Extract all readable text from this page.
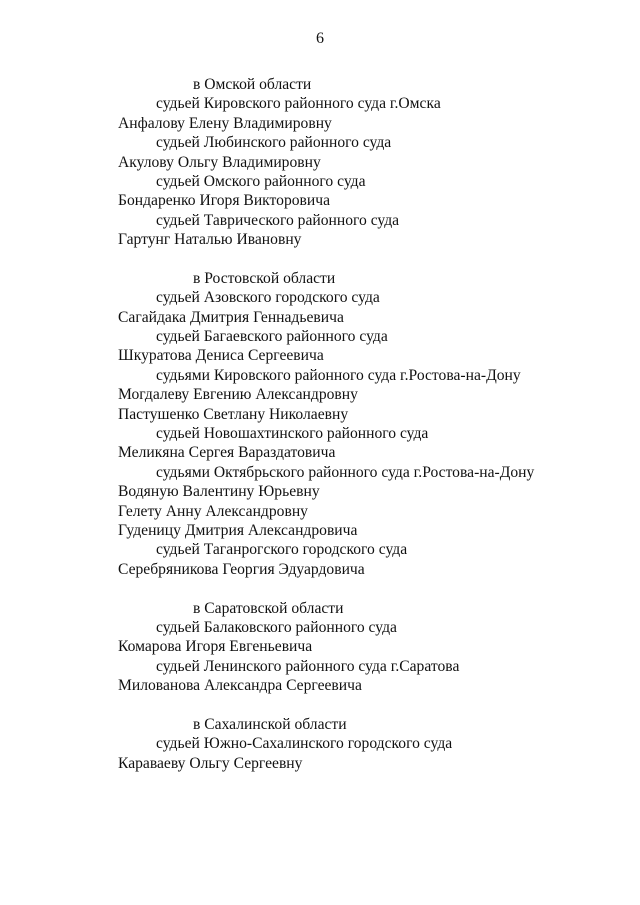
6
в Омской области
судьей Кировского районного суда г.Омска
Анфалову Елену Владимировну
судьей Любинского районного суда
Акулову Ольгу Владимировну
судьей Омского районного суда
Бондаренко Игоря Викторовича
судьей Таврического районного суда
Гартунг Наталью Ивановну
в Ростовской области
судьей Азовского городского суда
Сагайдака Дмитрия Геннадьевича
судьей Багаевского районного суда
Шкуратова Дениса Сергеевича
судьями Кировского районного суда г.Ростова-на-Дону
Могдалеву Евгению Александровну
Пастушенко Светлану Николаевну
судьей Новошахтинского районного суда
Меликяна Сергея Вараздатовича
судьями Октябрьского районного суда г.Ростова-на-Дону
Водяную Валентину Юрьевну
Гелету Анну Александровну
Гуденицу Дмитрия Александровича
судьей Таганрогского городского суда
Серебряникова Георгия Эдуардовича
в Саратовской области
судьей Балаковского районного суда
Комарова Игоря Евгеньевича
судьей Ленинского районного суда г.Саратова
Милованова Александра Сергеевича
в Сахалинской области
судьей Южно-Сахалинского городского суда
Караваеву Ольгу Сергеевну
